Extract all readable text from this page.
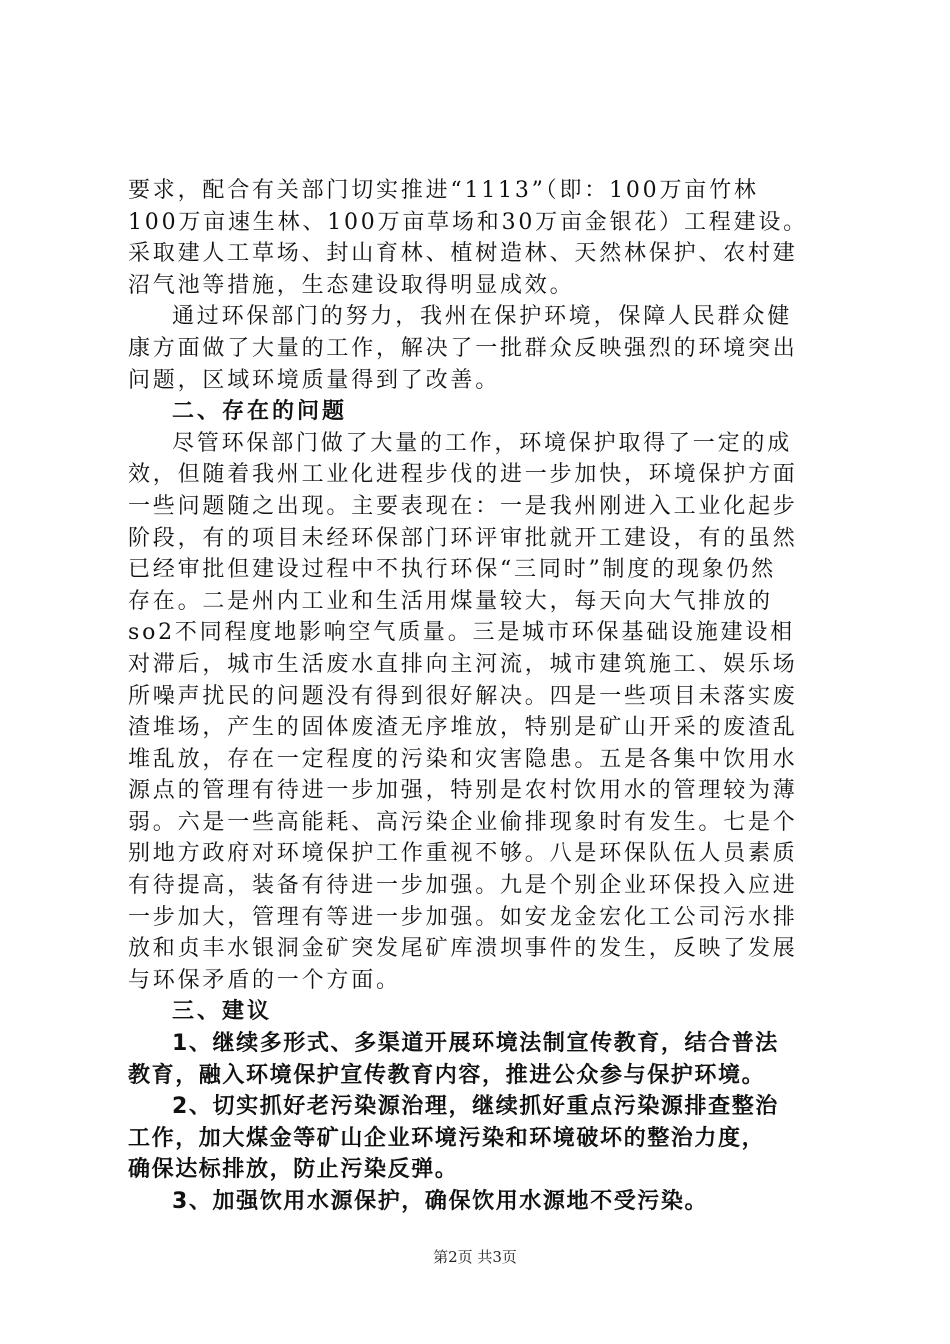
要求，配合有关部门切实推进“1113”（即：100万亩竹林
100万亩速生林、100万亩草场和30万亩金银花）工程建设。
采取建人工草场、封山育林、植树造林、天然林保护、农村建
沼气池等措施，生态建设取得明显成效。
通过环保部门的努力，我州在保护环境，保障人民群众健
康方面做了大量的工作，解决了一批群众反映强烈的环境突出
问题，区域环境质量得到了改善。
二、存在的问题
尽管环保部门做了大量的工作，环境保护取得了一定的成
效，但随着我州工业化进程步伐的进一步加快，环境保护方面
一些问题随之出现。主要表现在：一是我州刚进入工业化起步
阶段，有的项目未经环保部门环评审批就开工建设，有的虽然
已经审批但建设过程中不执行环保“三同时”制度的现象仍然
存在。二是州内工业和生活用煤量较大，每天向大气排放的
so2不同程度地影响空气质量。三是城市环保基础设施建设相
对滞后，城市生活废水直排向主河流，城市建筑施工、娱乐场
所噪声扰民的问题没有得到很好解决。四是一些项目未落实废
渣堆场，产生的固体废渣无序堆放，特别是矿山开采的废渣乱
堆乱放，存在一定程度的污染和灾害隐患。五是各集中饮用水
源点的管理有待进一步加强，特别是农村饮用水的管理较为薄
弱。六是一些高能耗、高污染企业偷排现象时有发生。七是个
别地方政府对环境保护工作重视不够。八是环保队伍人员素质
有待提高，装备有待进一步加强。九是个别企业环保投入应进
一步加大，管理有等进一步加强。如安龙金宏化工公司污水排
放和贞丰水银洞金矿突发尾矿库溃坝事件的发生，反映了发展
与环保矛盾的一个方面。
三、建议
1、继续多形式、多渠道开展环境法制宣传教育，结合普法
教育，融入环境保护宣传教育内容，推进公众参与保护环境。
2、切实抓好老污染源治理，继续抓好重点污染源排查整治
工作，加大煤金等矿山企业环境污染和环境破坏的整治力度，
确保达标排放，防止污染反弹。
3、加强饮用水源保护，确保饮用水源地不受污染。
第2页 共3页
